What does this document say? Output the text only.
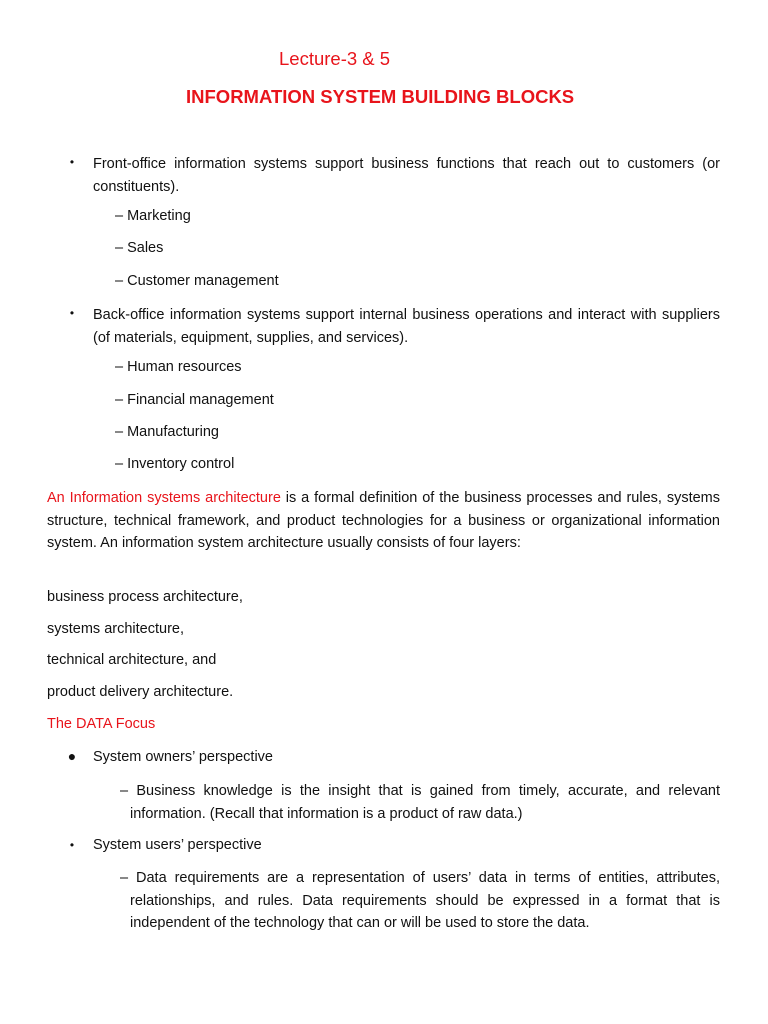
Lecture-3 & 5
INFORMATION SYSTEM BUILDING BLOCKS
• Front-office information systems support business functions that reach out to customers (or constituents).

– Marketing
– Sales
– Customer management
• Back-office information systems support internal business operations and interact with suppliers (of materials, equipment, supplies, and services).

– Human resources
– Financial management
– Manufacturing
– Inventory control

An Information systems architecture is a formal definition of the business processes and rules, systems structure, technical framework, and product technologies for a business or organizational information system. An information system architecture usually consists of four layers:

business process architecture,
systems architecture,
technical architecture, and
product delivery architecture.
The DATA Focus
● System owners’ perspective

– Business knowledge is the insight that is gained from timely, accurate, and relevant information. (Recall that information is a product of raw data.)

• System users’ perspective

– Data requirements are a representation of users’ data in terms of entities, attributes, relationships, and rules. Data requirements should be expressed in a format that is independent of the technology that can or will be used to store the data.
